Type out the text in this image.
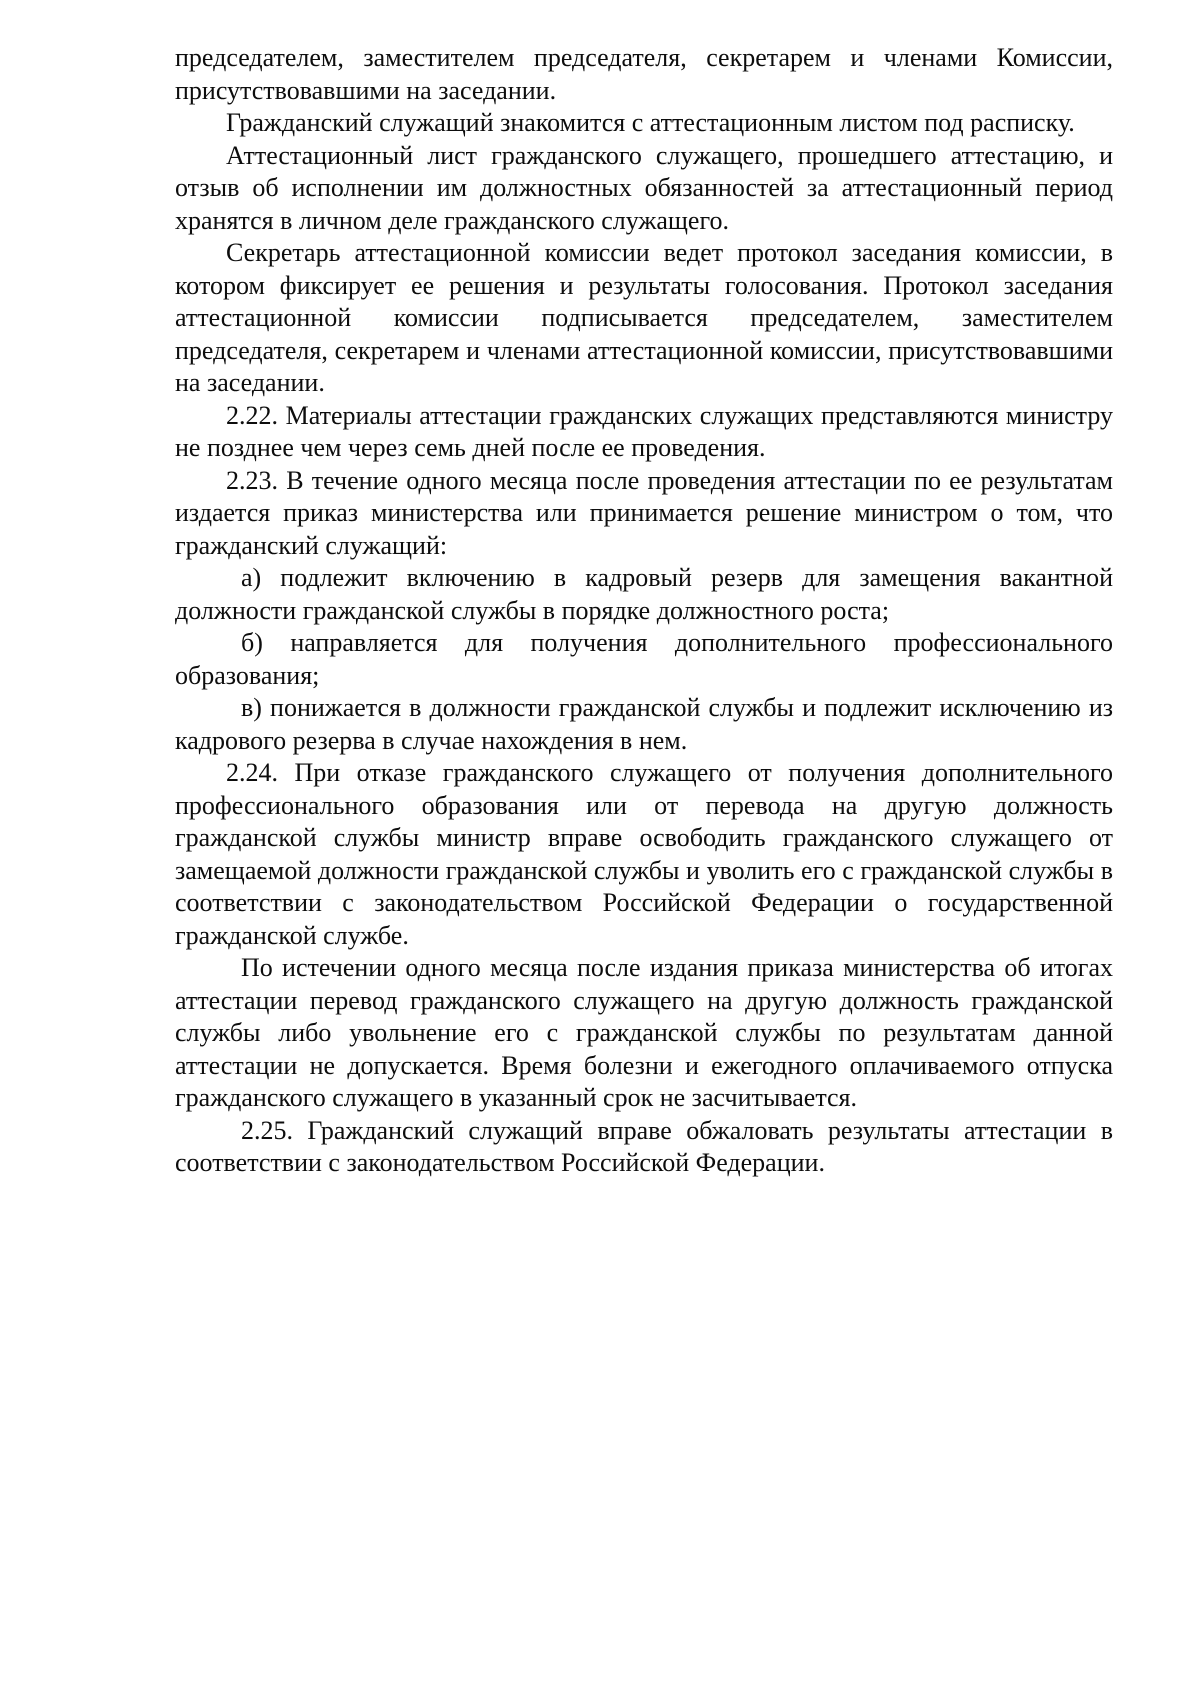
председателем, заместителем председателя, секретарем и членами Комиссии, присутствовавшими на заседании.

Гражданский служащий знакомится с аттестационным листом под расписку.

Аттестационный лист гражданского служащего, прошедшего аттестацию, и отзыв об исполнении им должностных обязанностей за аттестационный период хранятся в личном деле гражданского служащего.

Секретарь аттестационной комиссии ведет протокол заседания комиссии, в котором фиксирует ее решения и результаты голосования. Протокол заседания аттестационной комиссии подписывается председателем, заместителем председателя, секретарем и членами аттестационной комиссии, присутствовавшими на заседании.

2.22. Материалы аттестации гражданских служащих представляются министру не позднее чем через семь дней после ее проведения.

2.23. В течение одного месяца после проведения аттестации по ее результатам издается приказ министерства или принимается решение министром о том, что гражданский служащий:

а) подлежит включению в кадровый резерв для замещения вакантной должности гражданской службы в порядке должностного роста;

б) направляется для получения дополнительного профессионального образования;

в) понижается в должности гражданской службы и подлежит исключению из кадрового резерва в случае нахождения в нем.

2.24. При отказе гражданского служащего от получения дополнительного профессионального образования или от перевода на другую должность гражданской службы министр вправе освободить гражданского служащего от замещаемой должности гражданской службы и уволить его с гражданской службы в соответствии с законодательством Российской Федерации о государственной гражданской службе.

По истечении одного месяца после издания приказа министерства об итогах аттестации перевод гражданского служащего на другую должность гражданской службы либо увольнение его с гражданской службы по результатам данной аттестации не допускается. Время болезни и ежегодного оплачиваемого отпуска гражданского служащего в указанный срок не засчитывается.

2.25. Гражданский служащий вправе обжаловать результаты аттестации в соответствии с законодательством Российской Федерации.
